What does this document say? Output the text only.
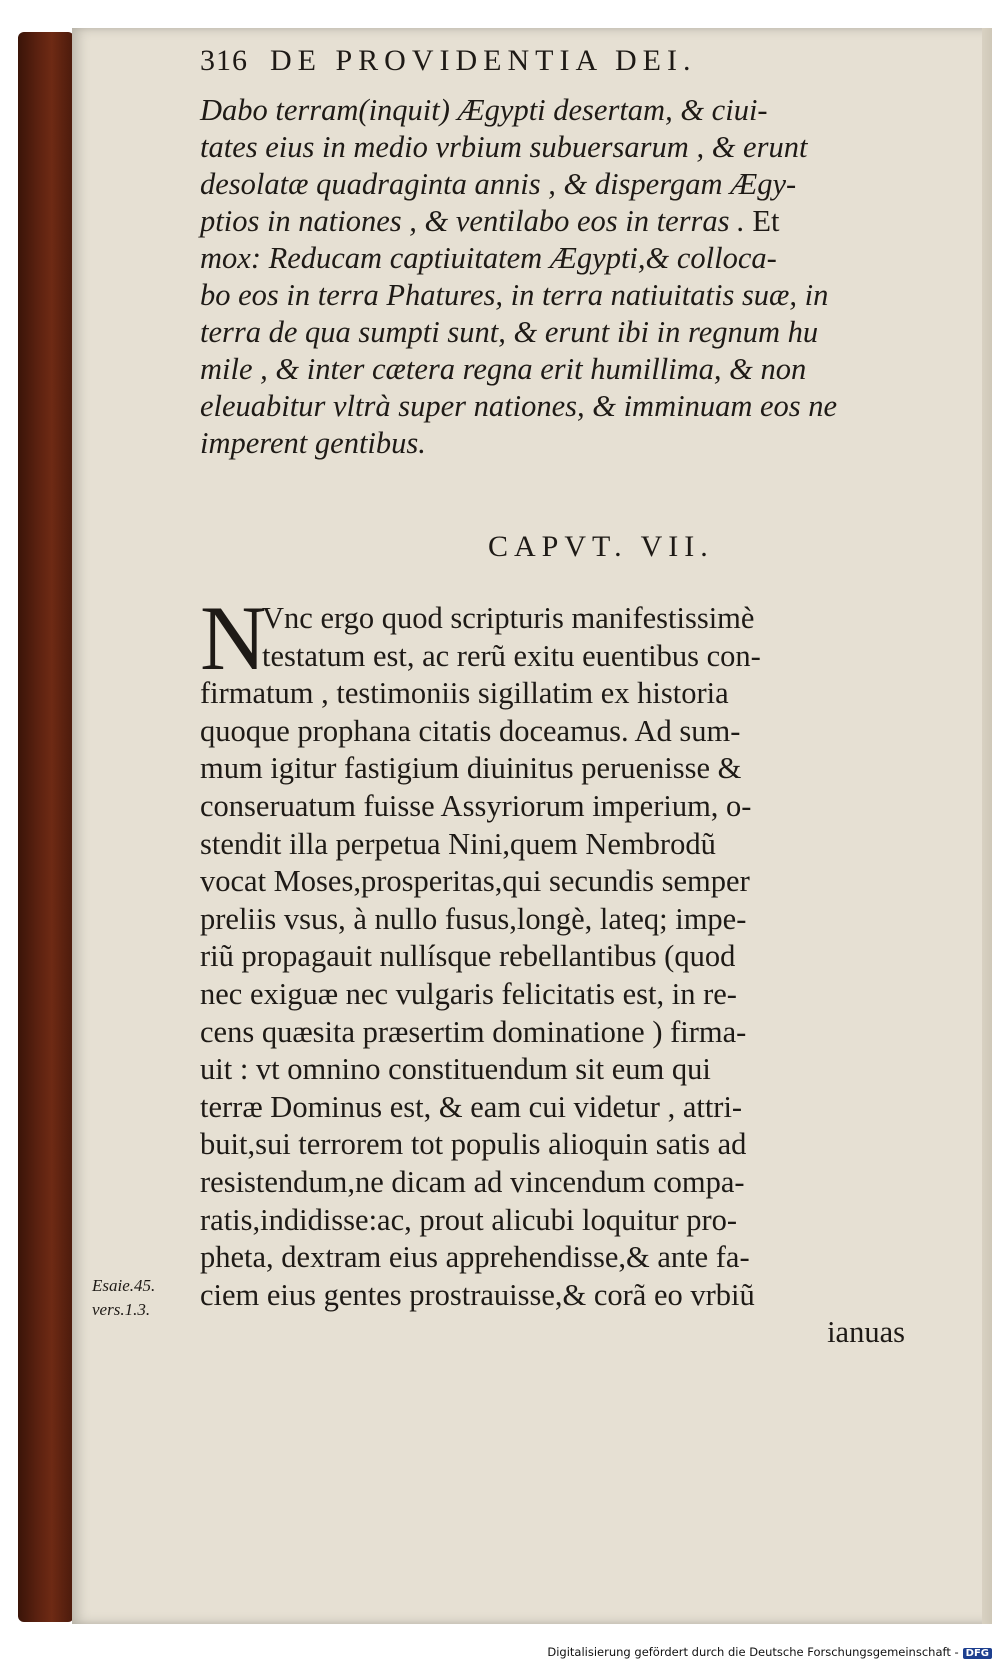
316 DE PROVIDENTIA DEI.
Dabo terram(inquit) Ægypti desertam, & ciui-
tates eius in medio vrbium subuersarum , & erunt
desolatæ quadraginta annis , & dispergam Ægy-
ptios in nationes , & ventilabo eos in terras . Et
mox: Reducam captiuitatem Ægypti,& colloca-
bo eos in terra Phatures, in terra natiuitatis suæ, in
terra de qua sumpti sunt, & erunt ibi in regnum hu
mile , & inter cætera regna erit humillima, & non
eleuabitur vltrà super nationes, & imminuam eos ne
imperent gentibus.
CAPVT. VII.
N
Vnc ergo quod scripturis manifestissimè
testatum est, ac rerũ exitu euentibus con-
firmatum , testimoniis sigillatim ex historia
quoque prophana citatis doceamus. Ad sum-
mum igitur fastigium diuinitus peruenisse &
conseruatum fuisse Assyriorum imperium, o-
stendit illa perpetua Nini,quem Nembrodũ
vocat Moses,prosperitas,qui secundis semper
preliis vsus, à nullo fusus,longè, lateq; impe-
riũ propagauit nullísque rebellantibus (quod
nec exiguæ nec vulgaris felicitatis est, in re-
cens quæsita præsertim dominatione ) firma-
uit : vt omnino constituendum sit eum qui
terræ Dominus est, & eam cui videtur , attri-
buit,sui terrorem tot populis alioquin satis ad
resistendum,ne dicam ad vincendum compa-
ratis,indidisse:ac, prout alicubi loquitur pro-
pheta, dextram eius apprehendisse,& ante fa-
ciem eius gentes prostrauisse,& corã eo vrbiũ
ianuas
Esaie.45.
vers.1.3.
Digitalisierung gefördert durch die Deutsche Forschungsgemeinschaft - DFG
